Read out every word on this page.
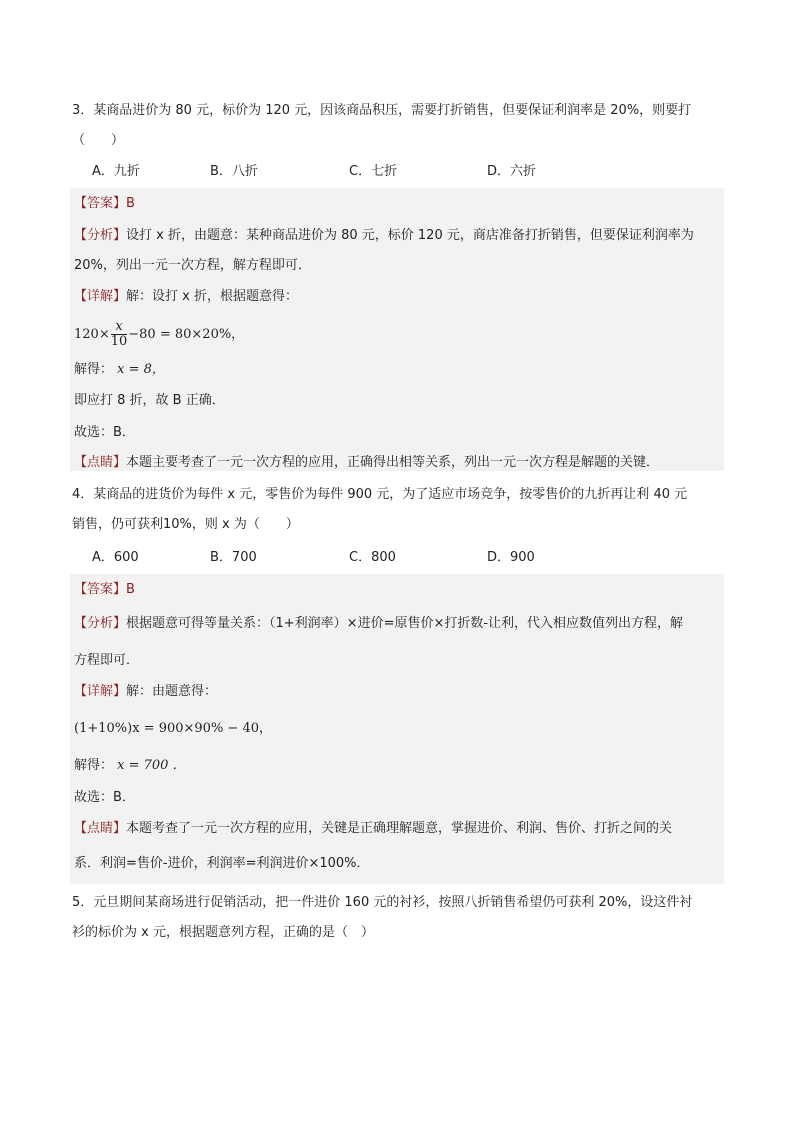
3．某商品进价为 80 元，标价为 120 元，因该商品积压，需要打折销售，但要保证利润率是 20%，则要打
（　　）
A．九折	B．八折	C．七折	D．六折
【答案】B
【分析】设打 x 折，由题意：某种商品进价为 80 元，标价 120 元，商店准备打折销售，但要保证利润率为
20%，列出一元一次方程，解方程即可．
【详解】解：设打 x 折，根据题意得：
$120\times \frac{x}{10} -80 = 80\times 20\%$，
解得： x = 8，
即应打 8 折，故 B 正确．
故选：B．
【点睛】本题主要考查了一元一次方程的应用，正确得出相等关系，列出一元一次方程是解题的关键．
4．某商品的进货价为每件 x 元，零售价为每件 900 元，为了适应市场竞争，按零售价的九折再让利 40 元
销售，仍可获利10%，则 x 为（　　）
A．600	B．700	C．800	D．900
【答案】B
【分析】根据题意可得等量关系：（1+利润率）×进价=原售价×打折数-让利，代入相应数值列出方程，解
方程即可．
【详解】解：由题意得：
(1+10%)x = 900×90% − 40，
解得： x = 700 ．
故选：B．
【点睛】本题考查了一元一次方程的应用，关键是正确理解题意，掌握进价、利润、售价、打折之间的关
系．利润=售价-进价，利润率=利润进价×100%．
5．元旦期间某商场进行促销活动，把一件进价 160 元的衬衫，按照八折销售希望仍可获利 20%，设这件衬
衫的标价为 x 元，根据题意列方程，正确的是（　）
